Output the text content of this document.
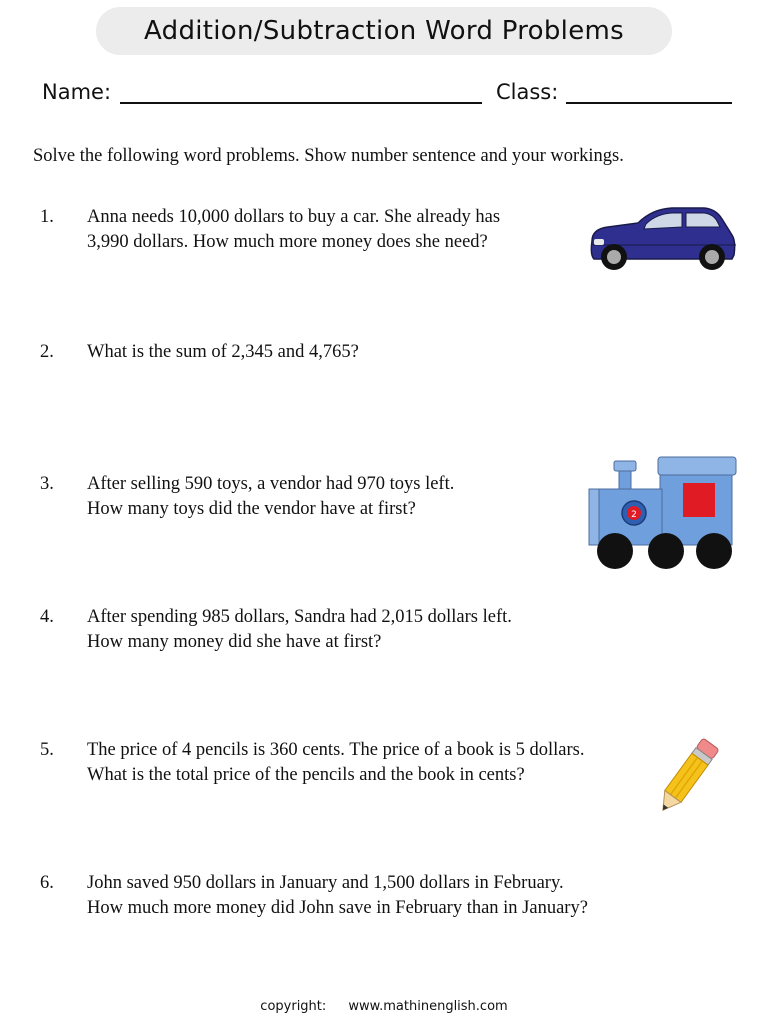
Addition/Subtraction Word Problems
Name:	Class:
Solve the following word problems. Show number sentence and your workings.
1. Anna needs 10,000 dollars to buy a car. She already has
3,990 dollars. How much more money does she need?
2. What is the sum of 2,345 and 4,765?
3. After selling 590 toys, a vendor had 970 toys left.
How many toys did the vendor have at first?
4. After spending 985 dollars, Sandra had 2,015 dollars left.
How many money did she have at first?
5. The price of 4 pencils is 360 cents. The price of a book is 5 dollars.
What is the total price of the pencils and the book in cents?
6. John saved 950 dollars in January and 1,500 dollars in February.
How much more money did John save in February than in January?
2
copyright: www.mathinenglish.com
